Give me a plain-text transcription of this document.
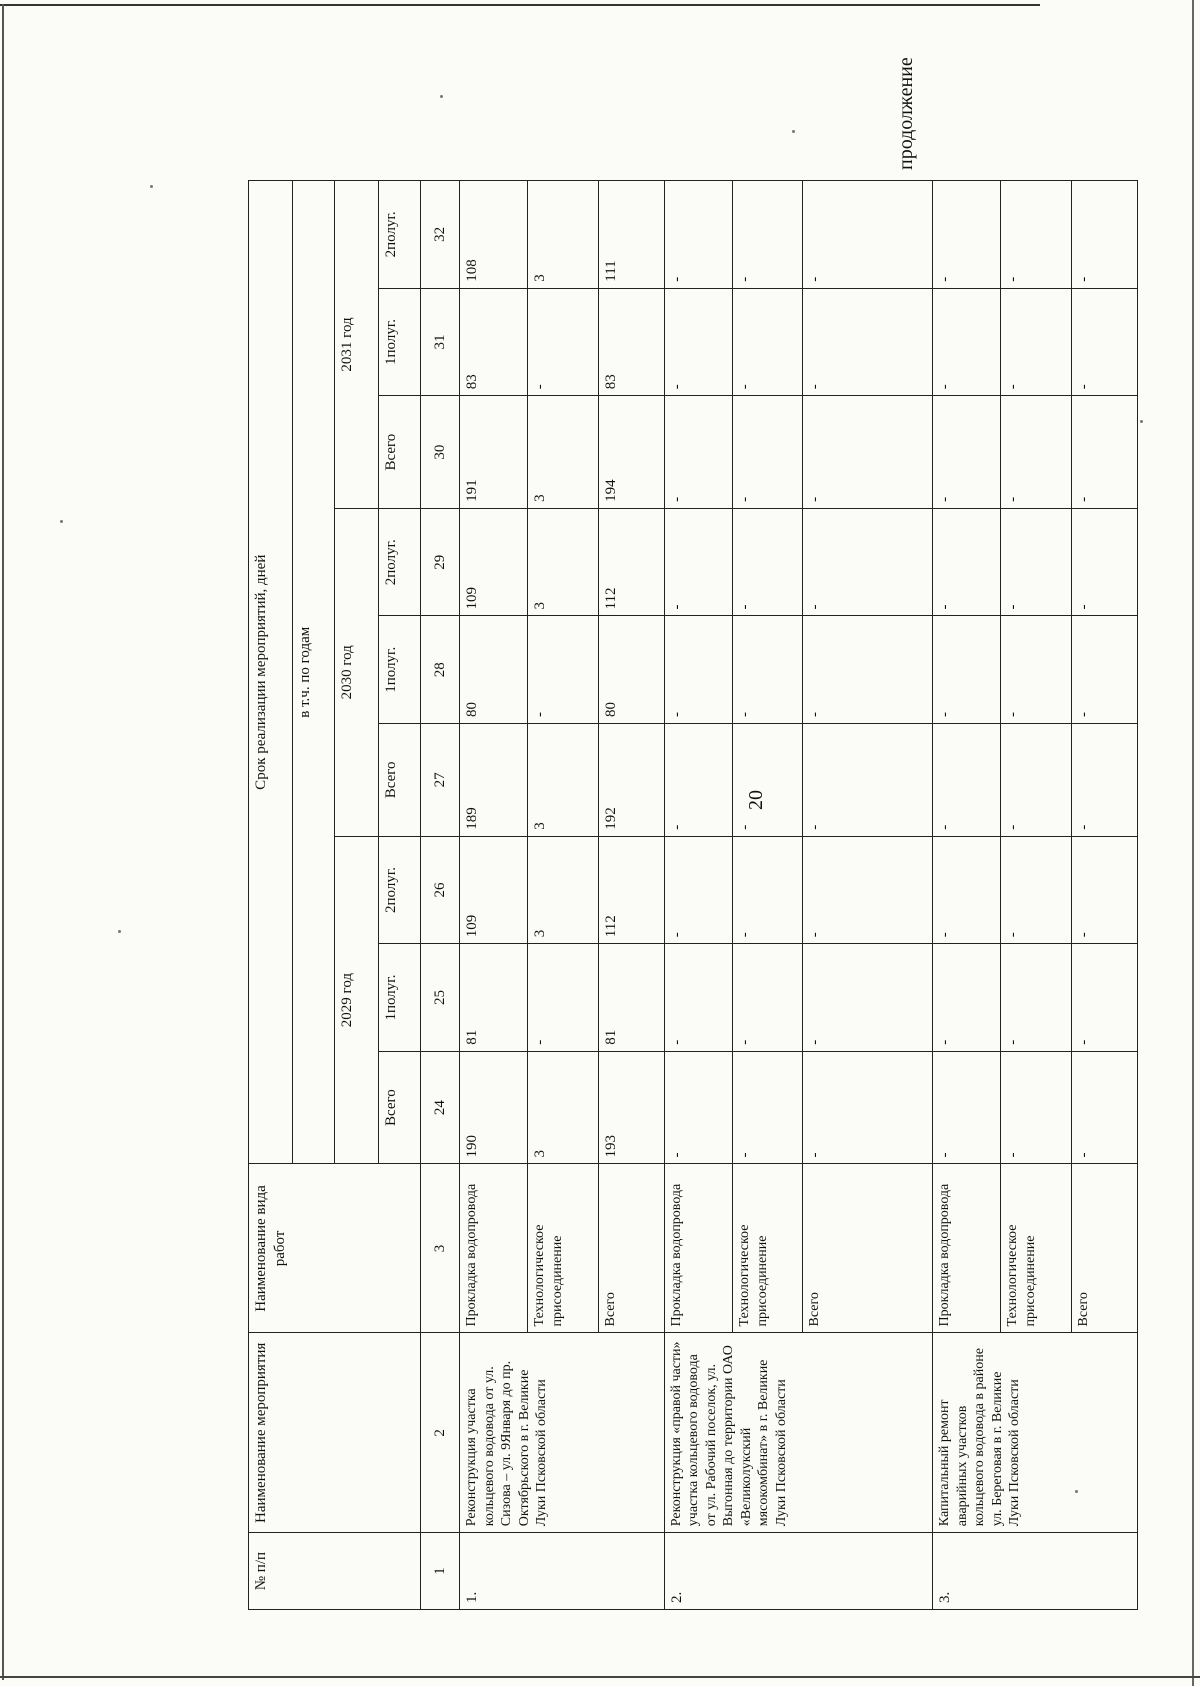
20
продолжение
№ п/п	Наименование мероприятия	Наименование вида работ	Срок реализации мероприятий, дней								
			в т.ч. по годам								
			2029 год			2030 год			2031 год		
			Всего	1полуг.	2полуг.	Всего	1полуг.	2полуг.	Всего	1полуг.	2полуг.
1	2	3	24	25	26	27	28	29	30	31	32
1.	Реконструкция участка кольцевого водовода от ул. Сизова – ул. 9Января до пр. Октябрьского в г. Великие Луки Псковской области	Прокладка водопровода	190	81	109	189	80	109	191	83	108
		Технологическое присоединение	3	-	3	3	-	3	3	-	3
		Всего	193	81	112	192	80	112	194	83	111
2.	Реконструкция «правой части» участка кольцевого водовода от ул. Рабочий поселок, ул. Выгонная до территории ОАО «Великолукский мясокомбинат» в г. Великие Луки Псковской области	Прокладка водопровода	-	-	-	-	-	-	-	-	-
		Технологическое присоединение	-	-	-	-	-	-	-	-	-
		Всего	-	-	-	-	-	-	-	-	-
3.	Капитальный ремонт аварийных участков кольцевого водовода в районе ул. Береговая в г. Великие Луки Псковской области	Прокладка водопровода	-	-	-	-	-	-	-	-	-
		Технологическое присоединение	-	-	-	-	-	-	-	-	-
		Всего	-	-	-	-	-	-	-	-	-
